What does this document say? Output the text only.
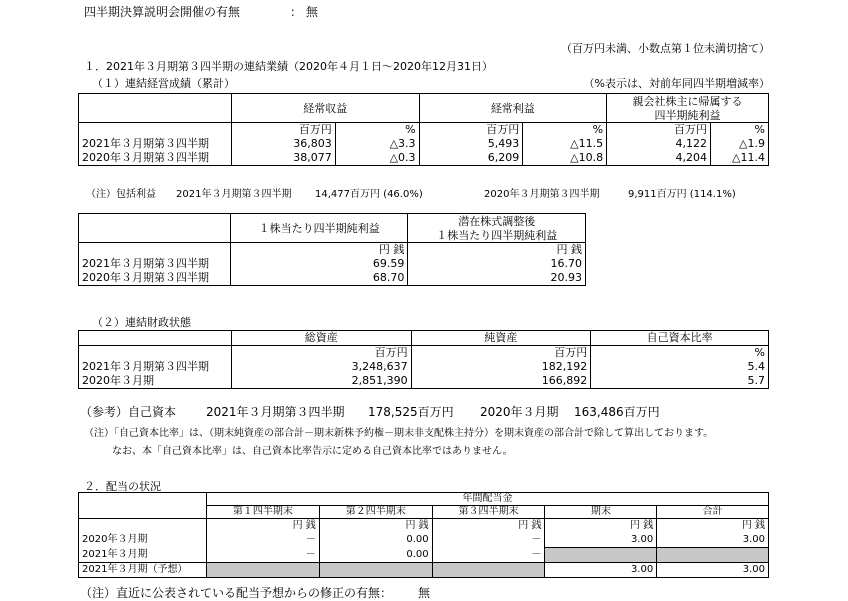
四半期決算説明会開催の有無	： 無
（百万円未満、小数点第１位未満切捨て）
１．2021年３月期第３四半期の連結業績（2020年４月１日～2020年12月31日）
（１）連結経営成績（累計）	（%表示は、対前年同四半期増減率）
	経常収益		経常利益		親会社株主に帰属する	
					四半期純利益	
	百万円	%	百万円	%	百万円	%
2021年３月期第３四半期	36,803	△3.3	5,493	△11.5	4,122	△1.9
2020年３月期第３四半期	38,077	△0.3	6,209	△10.8	4,204	△11.4
（注）包括利益 2021年３月期第３四半期 14,477百万円 (46.0%)	2020年３月期第３四半期	9,911百万円 (114.1%)
	１株当たり四半期純利益	潜在株式調整後
		１株当たり四半期純利益
	円 銭	円 銭
2021年３月期第３四半期	69.59	16.70
2020年３月期第３四半期	68.70	20.93
（２）連結財政状態
	総資産	純資産	自己資本比率
	百万円	百万円	%
2021年３月期第３四半期	3,248,637	182,192	5.4
2020年３月期	2,851,390	166,892	5.7
（参考）自己資本 2021年３月期第３四半期 178,525百万円 2020年３月期 163,486百万円
（注）「自己資本比率」は、（期末純資産の部合計－期末新株予約権－期末非支配株主持分）を期末資産の部合計で除して算出しております。
なお、本「自己資本比率」は、自己資本比率告示に定める自己資本比率ではありません。
２．配当の状況
	年間配当金				
	第１四半期末	第２四半期末	第３四半期末	期末	合計
	円 銭	円 銭	円 銭	円 銭	円 銭
2020年３月期	－	0.00	－	3.00	3.00
2021年３月期	－	0.00	－		
2021年３月期（予想）				3.00	3.00
（注）直近に公表されている配当予想からの修正の有無： 無
